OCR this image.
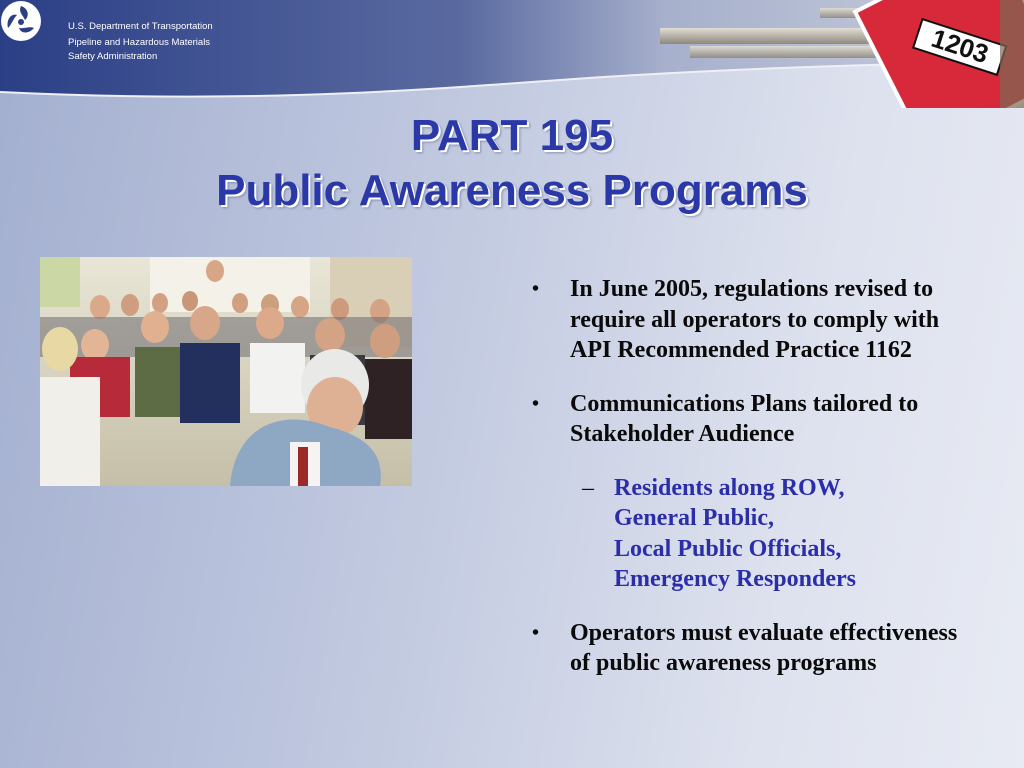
U.S. Department of Transportation
Pipeline and Hazardous Materials
Safety Administration	1203
PART 195
Public Awareness Programs
• In June 2005, regulations revised to require all operators to comply with API Recommended Practice 1162
• Communications Plans tailored to Stakeholder Audience
– Residents along ROW,
General Public,
Local Public Officials,
Emergency Responders
• Operators must evaluate effectiveness of public awareness programs
